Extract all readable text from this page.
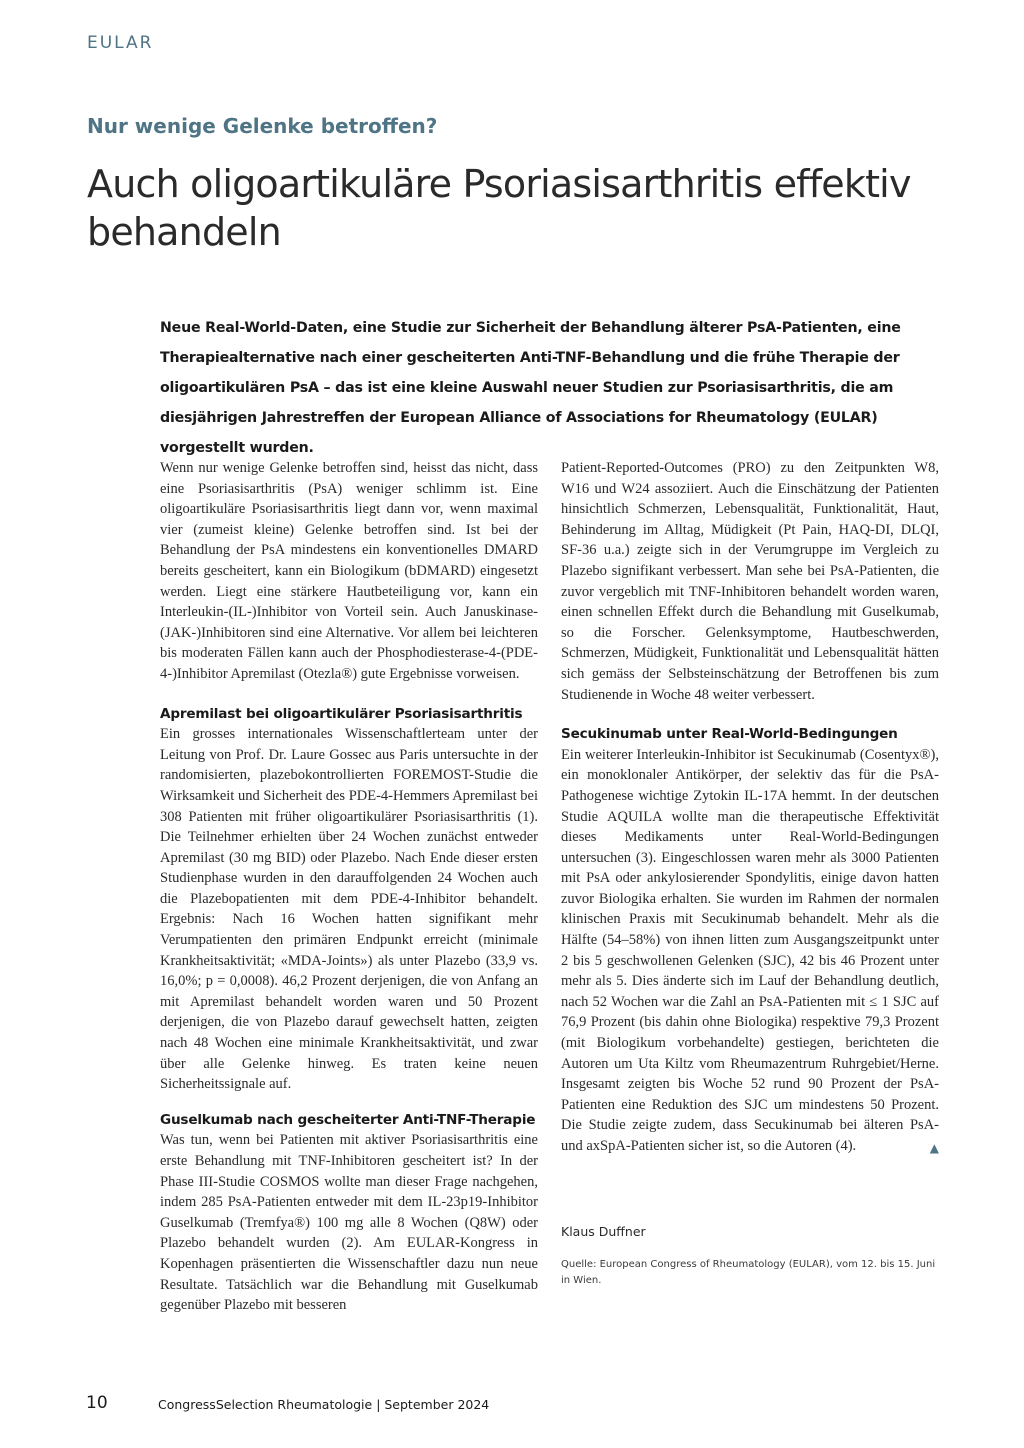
EULAR
Nur wenige Gelenke betroffen?
Auch oligoartikuläre Psoriasisarthritis effektiv behandeln

Neue Real-World-Daten, eine Studie zur Sicherheit der Behandlung älterer PsA-Patienten, eine Therapiealternative nach einer gescheiterten Anti-TNF-Behandlung und die frühe Therapie der oligoartikulären PsA – das ist eine kleine Auswahl neuer Studien zur Psoriasisarthritis, die am diesjährigen Jahrestreffen der European Alliance of Associations for Rheumatology (EULAR) vorgestellt wurden.

Wenn nur wenige Gelenke betroffen sind, heisst das nicht, dass eine Psoriasisarthritis (PsA) weniger schlimm ist. Eine oligoartikuläre Psoriasisarthritis liegt dann vor, wenn maximal vier (zumeist kleine) Gelenke betroffen sind. Ist bei der Behandlung der PsA mindestens ein konventionelles DMARD bereits gescheitert, kann ein Biologikum (bDMARD) eingesetzt werden. Liegt eine stärkere Hautbeteiligung vor, kann ein Interleukin-(IL-)Inhibitor von Vorteil sein. Auch Januskinase-(JAK-)Inhibitoren sind eine Alternative. Vor allem bei leichteren bis moderaten Fällen kann auch der Phosphodiesterase-4-(PDE-4-)Inhibitor Apremilast (Otezla®) gute Ergebnisse vorweisen.

Apremilast bei oligoartikulärer Psoriasisarthritis

Ein grosses internationales Wissenschaftlerteam unter der Leitung von Prof. Dr. Laure Gossec aus Paris untersuchte in der randomisierten, plazebokontrollierten FOREMOST-Studie die Wirksamkeit und Sicherheit des PDE-4-Hemmers Apremilast bei 308 Patienten mit früher oligoartikulärer Psoriasisarthritis (1). Die Teilnehmer erhielten über 24 Wochen zunächst entweder Apremilast (30 mg BID) oder Plazebo. Nach Ende dieser ersten Studienphase wurden in den darauffolgenden 24 Wochen auch die Plazebopatienten mit dem PDE-4-Inhibitor behandelt. Ergebnis: Nach 16 Wochen hatten signifikant mehr Verumpatienten den primären Endpunkt erreicht (minimale Krankheitsaktivität; «MDA-Joints») als unter Plazebo (33,9 vs. 16,0%; p = 0,0008). 46,2 Prozent derjenigen, die von Anfang an mit Apremilast behandelt worden waren und 50 Prozent derjenigen, die von Plazebo darauf gewechselt hatten, zeigten nach 48 Wochen eine minimale Krankheitsaktivität, und zwar über alle Gelenke hinweg. Es traten keine neuen Sicherheitssignale auf.

Guselkumab nach gescheiterter Anti-TNF-Therapie

Was tun, wenn bei Patienten mit aktiver Psoriasisarthritis eine erste Behandlung mit TNF-Inhibitoren gescheitert ist? In der Phase III-Studie COSMOS wollte man dieser Frage nachgehen, indem 285 PsA-Patienten entweder mit dem IL-23p19-Inhibitor Guselkumab (Tremfya®) 100 mg alle 8 Wochen (Q8W) oder Plazebo behandelt wurden (2). Am EULAR-Kongress in Kopenhagen präsentierten die Wissenschaftler dazu nun neue Resultate. Tatsächlich war die Behandlung mit Guselkumab gegenüber Plazebo mit besseren

Patient-Reported-Outcomes (PRO) zu den Zeitpunkten W8, W16 und W24 assoziiert. Auch die Einschätzung der Patienten hinsichtlich Schmerzen, Lebensqualität, Funktionalität, Haut, Behinderung im Alltag, Müdigkeit (Pt Pain, HAQ-DI, DLQI, SF-36 u.a.) zeigte sich in der Verumgruppe im Vergleich zu Plazebo signifikant verbessert. Man sehe bei PsA-Patienten, die zuvor vergeblich mit TNF-Inhibitoren behandelt worden waren, einen schnellen Effekt durch die Behandlung mit Guselkumab, so die Forscher. Gelenksymptome, Hautbeschwerden, Schmerzen, Müdigkeit, Funktionalität und Lebensqualität hätten sich gemäss der Selbsteinschätzung der Betroffenen bis zum Studienende in Woche 48 weiter verbessert.

Secukinumab unter Real-World-Bedingungen

Ein weiterer Interleukin-Inhibitor ist Secukinumab (Cosentyx®), ein monoklonaler Antikörper, der selektiv das für die PsA-Pathogenese wichtige Zytokin IL-17A hemmt. In der deutschen Studie AQUILA wollte man die therapeutische Effektivität dieses Medikaments unter Real-World-Bedingungen untersuchen (3). Eingeschlossen waren mehr als 3000 Patienten mit PsA oder ankylosierender Spondylitis, einige davon hatten zuvor Biologika erhalten. Sie wurden im Rahmen der normalen klinischen Praxis mit Secukinumab behandelt. Mehr als die Hälfte (54–58%) von ihnen litten zum Ausgangszeitpunkt unter 2 bis 5 geschwollenen Gelenken (SJC), 42 bis 46 Prozent unter mehr als 5. Dies änderte sich im Lauf der Behandlung deutlich, nach 52 Wochen war die Zahl an PsA-Patienten mit ≤ 1 SJC auf 76,9 Prozent (bis dahin ohne Biologika) respektive 79,3 Prozent (mit Biologikum vorbehandelte) gestiegen, berichteten die Autoren um Uta Kiltz vom Rheumazentrum Ruhrgebiet/Herne. Insgesamt zeigten bis Woche 52 rund 90 Prozent der PsA-Patienten eine Reduktion des SJC um mindestens 50 Prozent. Die Studie zeigte zudem, dass Secukinumab bei älteren PsA- und axSpA-Patienten sicher ist, so die Autoren (4).	▲

Klaus Duffner
Quelle: European Congress of Rheumatology (EULAR), vom 12. bis 15. Juni in Wien.
10	CongressSelection Rheumatologie | September 2024
